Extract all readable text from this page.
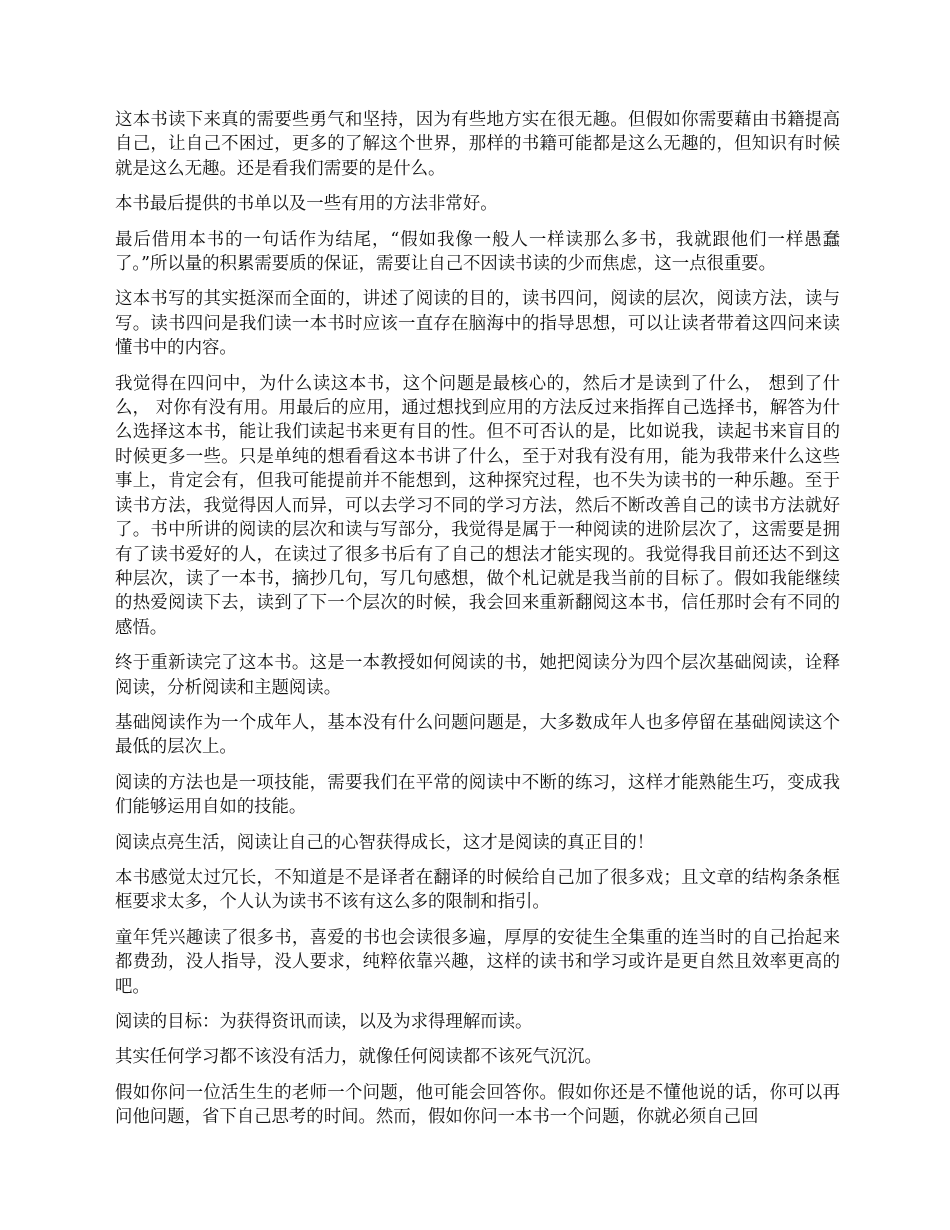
这本书读下来真的需要些勇气和坚持，因为有些地方实在很无趣。但假如你需要藉由书籍提高自己，让自己不困过，更多的了解这个世界，那样的书籍可能都是这么无趣的，但知识有时候就是这么无趣。还是看我们需要的是什么。

本书最后提供的书单以及一些有用的方法非常好。

最后借用本书的一句话作为结尾，“假如我像一般人一样读那么多书，我就跟他们一样愚蠢了。”所以量的积累需要质的保证，需要让自己不因读书读的少而焦虑，这一点很重要。

这本书写的其实挺深而全面的，讲述了阅读的目的，读书四问，阅读的层次，阅读方法，读与写。读书四问是我们读一本书时应该一直存在脑海中的指导思想，可以让读者带着这四问来读懂书中的内容。

我觉得在四问中，为什么读这本书，这个问题是最核心的，然后才是读到了什么， 想到了什么， 对你有没有用。用最后的应用，通过想找到应用的方法反过来指挥自己选择书，解答为什么选择这本书，能让我们读起书来更有目的性。但不可否认的是，比如说我，读起书来盲目的时候更多一些。只是单纯的想看看这本书讲了什么，至于对我有没有用，能为我带来什么这些事上，肯定会有，但我可能提前并不能想到，这种探究过程，也不失为读书的一种乐趣。至于读书方法，我觉得因人而异，可以去学习不同的学习方法，然后不断改善自己的读书方法就好了。书中所讲的阅读的层次和读与写部分，我觉得是属于一种阅读的进阶层次了，这需要是拥有了读书爱好的人，在读过了很多书后有了自己的想法才能实现的。我觉得我目前还达不到这种层次，读了一本书，摘抄几句，写几句感想，做个札记就是我当前的目标了。假如我能继续的热爱阅读下去，读到了下一个层次的时候，我会回来重新翻阅这本书，信任那时会有不同的感悟。

终于重新读完了这本书。这是一本教授如何阅读的书，她把阅读分为四个层次基础阅读，诠释阅读，分析阅读和主题阅读。

基础阅读作为一个成年人，基本没有什么问题问题是，大多数成年人也多停留在基础阅读这个最低的层次上。

阅读的方法也是一项技能，需要我们在平常的阅读中不断的练习，这样才能熟能生巧，变成我们能够运用自如的技能。

阅读点亮生活，阅读让自己的心智获得成长，这才是阅读的真正目的！

本书感觉太过冗长，不知道是不是译者在翻译的时候给自己加了很多戏；且文章的结构条条框框要求太多，个人认为读书不该有这么多的限制和指引。

童年凭兴趣读了很多书，喜爱的书也会读很多遍，厚厚的安徒生全集重的连当时的自己抬起来都费劲，没人指导，没人要求，纯粹依靠兴趣，这样的读书和学习或许是更自然且效率更高的吧。

阅读的目标：为获得资讯而读，以及为求得理解而读。

其实任何学习都不该没有活力，就像任何阅读都不该死气沉沉。

假如你问一位活生生的老师一个问题，他可能会回答你。假如你还是不懂他说的话，你可以再问他问题，省下自己思考的时间。然而，假如你问一本书一个问题，你就必须自己回
